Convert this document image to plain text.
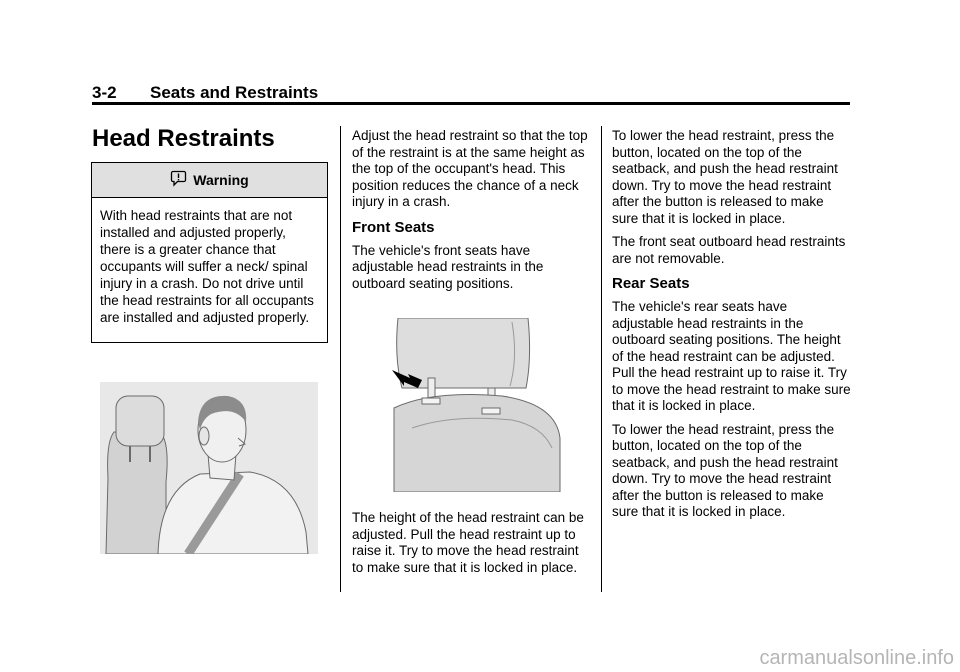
3-2 Seats and Restraints
Head Restraints
Warning
With head restraints that are not installed and adjusted properly, there is a greater chance that occupants will suffer a neck/ spinal injury in a crash. Do not drive until the head restraints for all occupants are installed and adjusted properly.

Adjust the head restraint so that the top of the restraint is at the same height as the top of the occupant's head. This position reduces the chance of a neck injury in a crash.

Front Seats

The vehicle's front seats have adjustable head restraints in the outboard seating positions.

The height of the head restraint can be adjusted. Pull the head restraint up to raise it. Try to move the head restraint to make sure that it is locked in place.

To lower the head restraint, press the button, located on the top of the seatback, and push the head restraint down. Try to move the head restraint after the button is released to make sure that it is locked in place.

The front seat outboard head restraints are not removable.

Rear Seats

The vehicle's rear seats have adjustable head restraints in the outboard seating positions. The height of the head restraint can be adjusted. Pull the head restraint up to raise it. Try to move the head restraint to make sure that it is locked in place.

To lower the head restraint, press the button, located on the top of the seatback, and push the head restraint down. Try to move the head restraint after the button is released to make sure that it is locked in place.

carmanualsonline.info
